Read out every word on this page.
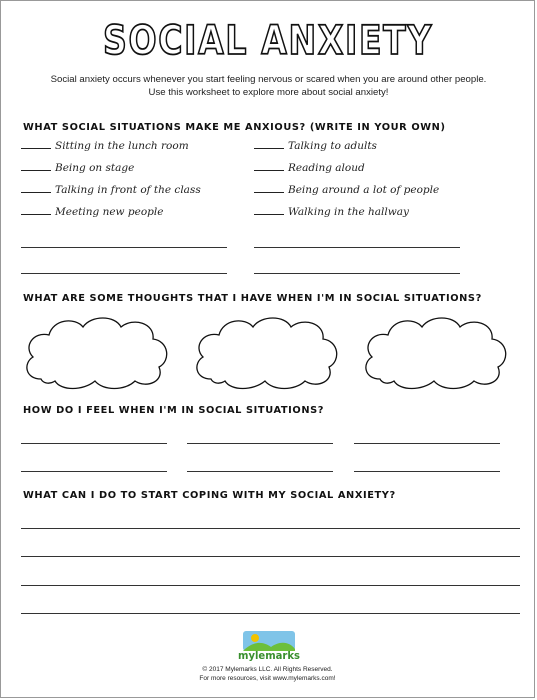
SOCIAL ANXIETY
Social anxiety occurs whenever you start feeling nervous or scared when you are around other people.
Use this worksheet to explore more about social anxiety!
WHAT SOCIAL SITUATIONS MAKE ME ANXIOUS? (WRITE IN YOUR OWN)
Sitting in the lunch room
Being on stage
Talking in front of the class
Meeting new people
Talking to adults
Reading aloud
Being around a lot of people
Walking in the hallway
WHAT ARE SOME THOUGHTS THAT I HAVE WHEN I'M IN SOCIAL SITUATIONS?
HOW DO I FEEL WHEN I'M IN SOCIAL SITUATIONS?
WHAT CAN I DO TO START COPING WITH MY SOCIAL ANXIETY?
mylemarks
© 2017 Mylemarks LLC. All Rights Reserved.
For more resources, visit www.mylemarks.com!
